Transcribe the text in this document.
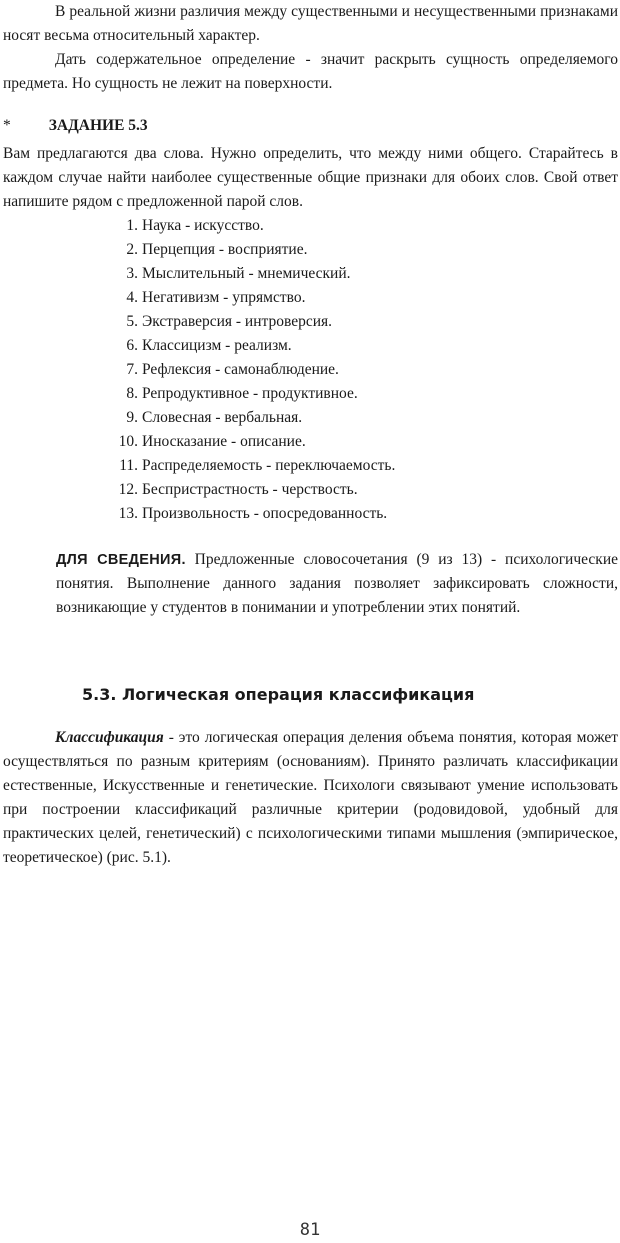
В реальной жизни различия между существенными и несущественными признаками носят весьма относительный характер.

Дать содержательное определение - значит раскрыть сущность определяемого предмета. Но сущность не лежит на поверхности.

* ЗАДАНИЕ 5.3

Вам предлагаются два слова. Нужно определить, что между ними общего. Старайтесь в каждом случае найти наиболее существенные общие признаки для обоих слов. Свой ответ напишите рядом с предложенной парой слов.

1. Наука - искусство.
2. Перцепция - восприятие.
3. Мыслительный - мнемический.
4. Негативизм - упрямство.
5. Экстраверсия - интроверсия.
6. Классицизм - реализм.
7. Рефлексия - самонаблюдение.
8. Репродуктивное - продуктивное.
9. Словесная - вербальная.
10. Иносказание - описание.
11. Распределяемость - переключаемость.
12. Беспристрастность - черствость.
13. Произвольность - опосредованность.

ДЛЯ СВЕДЕНИЯ. Предложенные словосочетания (9 из 13) - психологические понятия. Выполнение данного задания позволяет зафиксировать сложности, возникающие у студентов в понимании и употреблении этих понятий.

5.3. Логическая операция классификация

Классификация - это логическая операция деления объема понятия, которая может осуществляться по разным критериям (основаниям). Принято различать классификации естественные, Искусственные и генетические. Психологи связывают умение использовать при построении классификаций различные критерии (родовидовой, удобный для практических целей, генетический) с психологическими типами мышления (эмпирическое, теоретическое) (рис. 5.1).

81
